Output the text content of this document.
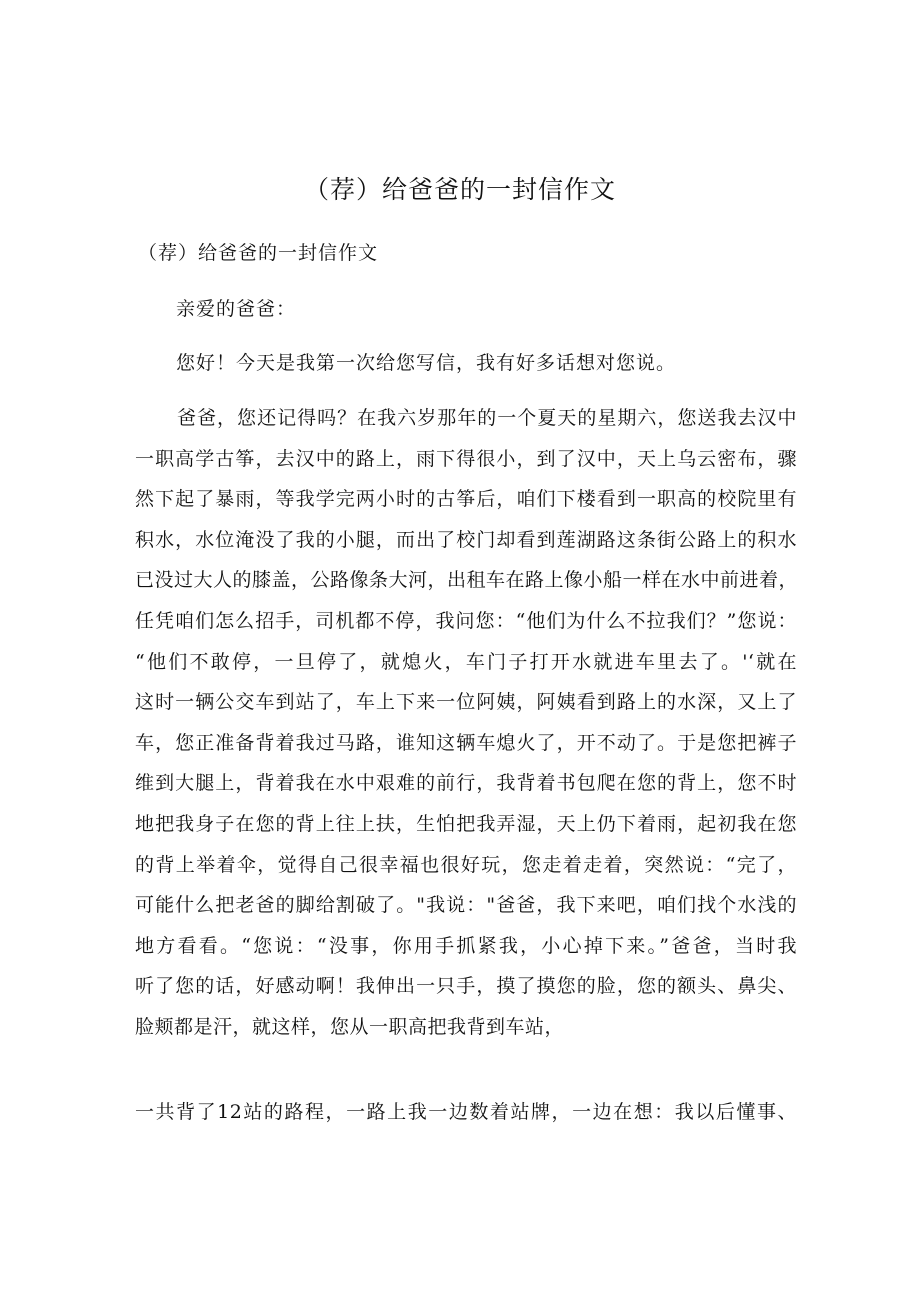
（荐）给爸爸的一封信作文
（荐）给爸爸的一封信作文
亲爱的爸爸：
您好！今天是我第一次给您写信，我有好多话想对您说。
爸爸，您还记得吗？在我六岁那年的一个夏天的星期六，您送我去汉中
一职高学古筝，去汉中的路上，雨下得很小，到了汉中，天上乌云密布，骤
然下起了暴雨，等我学完两小时的古筝后，咱们下楼看到一职高的校院里有
积水，水位淹没了我的小腿，而出了校门却看到莲湖路这条街公路上的积水
已没过大人的膝盖，公路像条大河，出租车在路上像小船一样在水中前进着，
任凭咱们怎么招手，司机都不停，我问您：“他们为什么不拉我们？”您说：
“他们不敢停，一旦停了，就熄火，车门子打开水就进车里去了。'‘就在
这时一辆公交车到站了，车上下来一位阿姨，阿姨看到路上的水深，又上了
车，您正准备背着我过马路，谁知这辆车熄火了，开不动了。于是您把裤子
维到大腿上，背着我在水中艰难的前行，我背着书包爬在您的背上，您不时
地把我身子在您的背上往上扶，生怕把我弄湿，天上仍下着雨，起初我在您
的背上举着伞，觉得自己很幸福也很好玩，您走着走着，突然说：“完了，
可能什么把老爸的脚给割破了。"我说："爸爸，我下来吧，咱们找个水浅的
地方看看。“您说：“没事，你用手抓紧我，小心掉下来。”爸爸，当时我
听了您的话，好感动啊！我伸出一只手，摸了摸您的脸，您的额头、鼻尖、
脸颊都是汗，就这样，您从一职高把我背到车站，
一共背了12站的路程，一路上我一边数着站牌，一边在想：我以后懂事、
